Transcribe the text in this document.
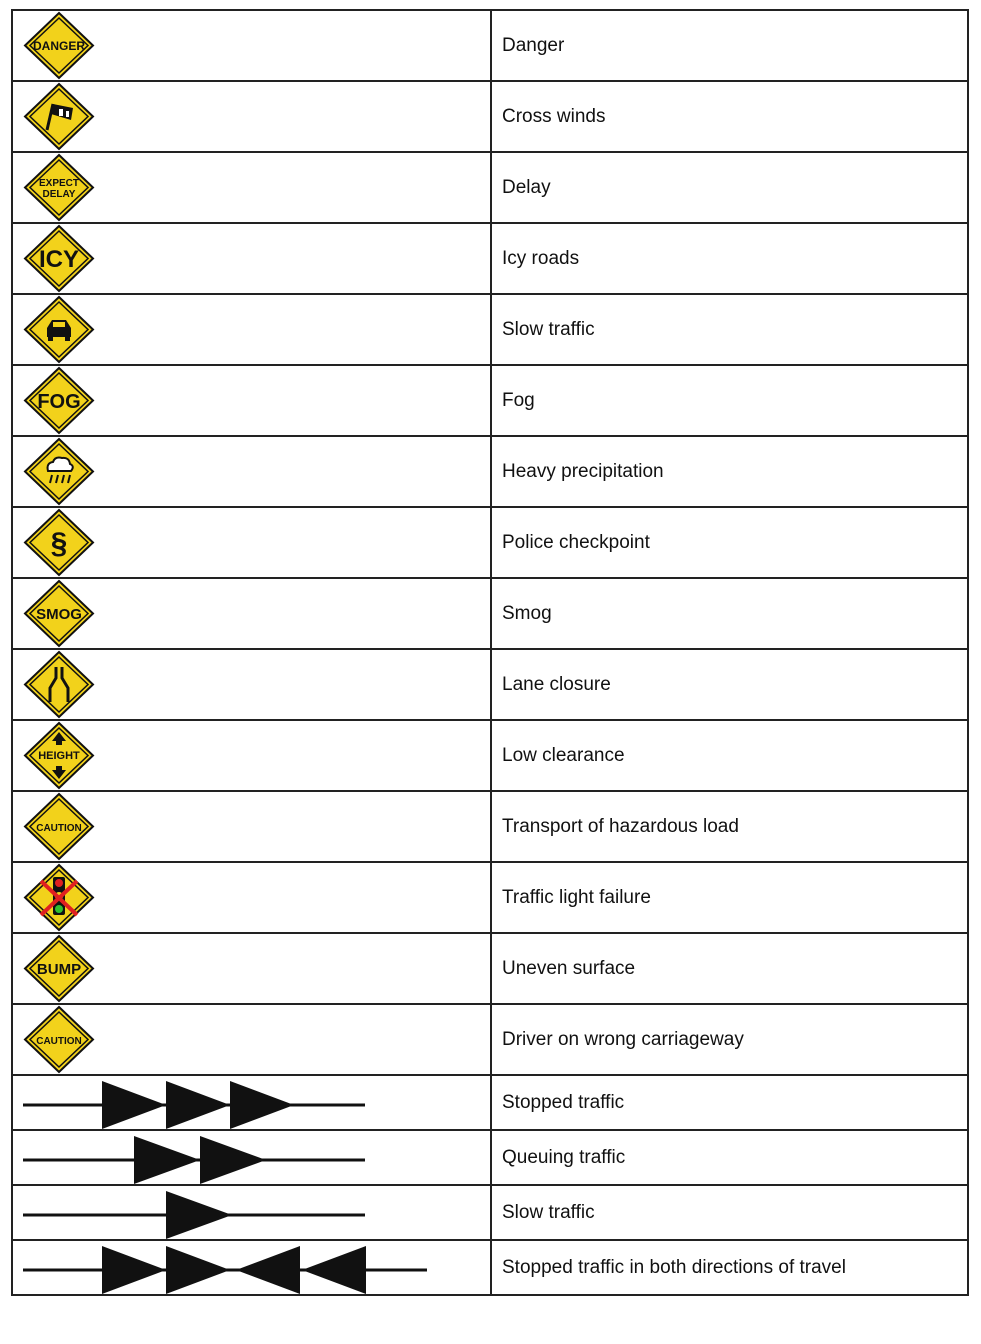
DANGER	Danger

	Cross winds

EXPECT
DELAY	Delay

ICY	Icy roads

	Slow traffic

FOG	Fog

	Heavy precipitation

§	Police checkpoint

SMOG	Smog

	Lane closure

HEIGHT	Low clearance

CAUTION	Transport of hazardous load

	Traffic light failure

BUMP	Uneven surface

CAUTION	Driver on wrong carriageway

	Stopped traffic

	Queuing traffic

	Slow traffic

	Stopped traffic in both directions of travel
